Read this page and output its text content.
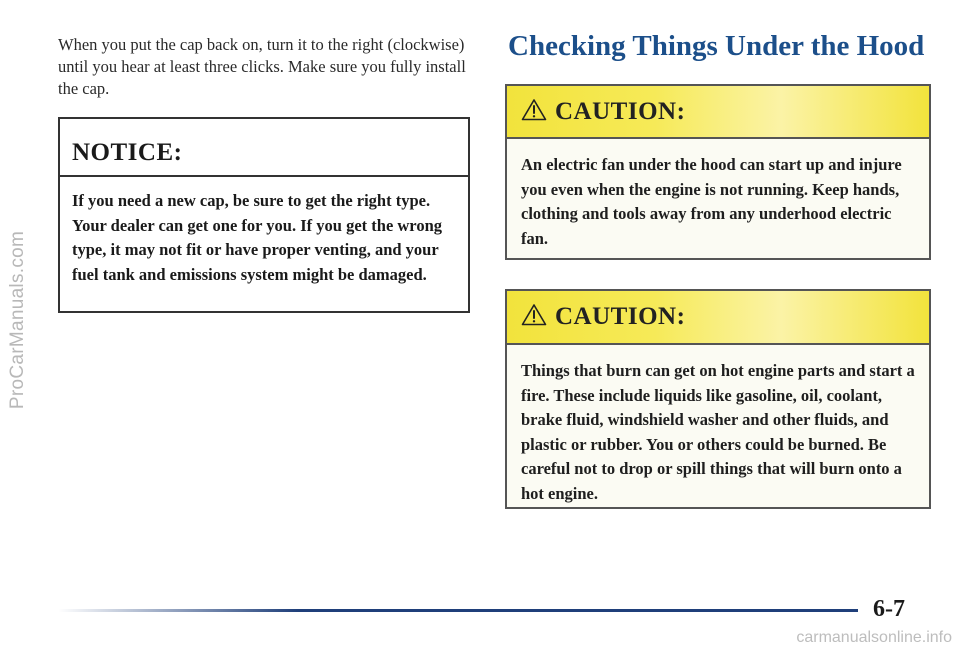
ProCarManuals.com

When you put the cap back on, turn it to the right (clockwise) until you hear at least three clicks. Make sure you fully install the cap.

NOTICE:
If you need a new cap, be sure to get the right type. Your dealer can get one for you. If you get the wrong type, it may not fit or have proper venting, and your fuel tank and emissions system might be damaged.
Checking Things Under the Hood
CAUTION:
An electric fan under the hood can start up and injure you even when the engine is not running. Keep hands, clothing and tools away from any underhood electric fan.
CAUTION:
Things that burn can get on hot engine parts and start a fire. These include liquids like gasoline, oil, coolant, brake fluid, windshield washer and other fluids, and plastic or rubber. You or others could be burned. Be careful not to drop or spill things that will burn onto a hot engine.
6-7
carmanualsonline.info
